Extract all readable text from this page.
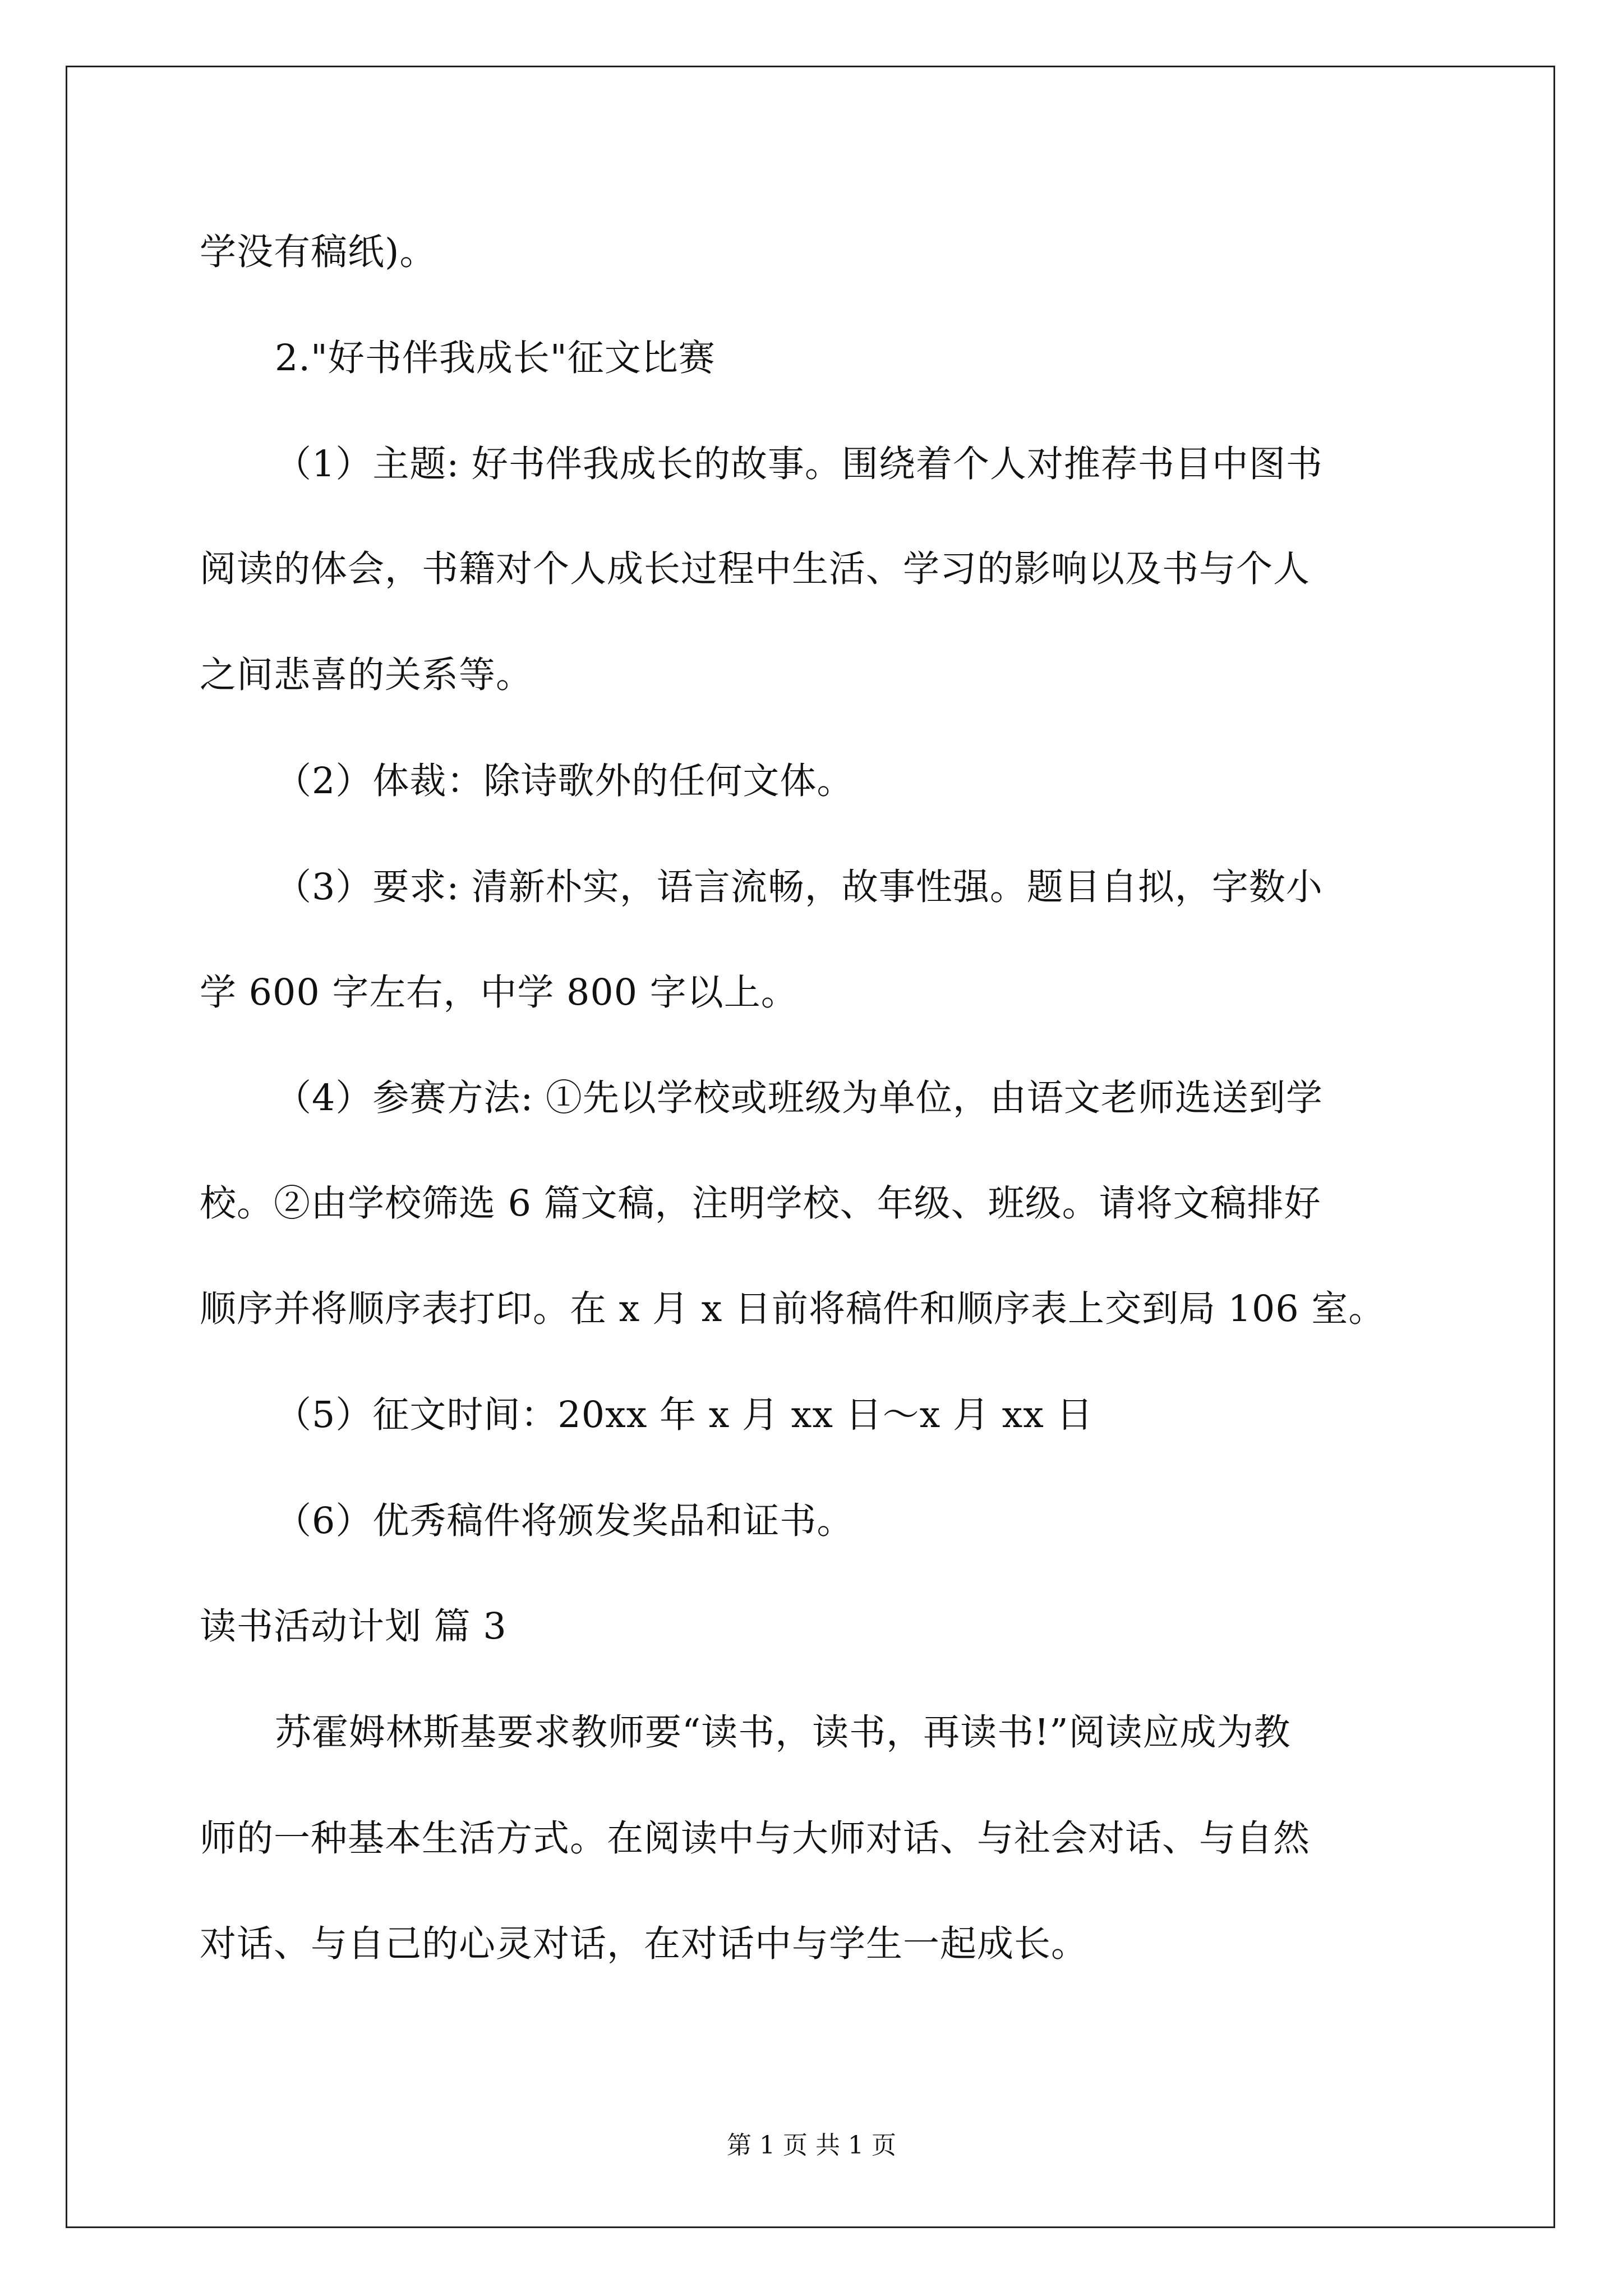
学没有稿纸)。
2."好书伴我成长"征文比赛
（1）主题: 好书伴我成长的故事。围绕着个人对推荐书目中图书
阅读的体会，书籍对个人成长过程中生活、学习的影响以及书与个人
之间悲喜的关系等。
（2）体裁：除诗歌外的任何文体。
（3）要求: 清新朴实，语言流畅，故事性强。题目自拟，字数小
学 600 字左右，中学 800 字以上。
（4）参赛方法: ①先以学校或班级为单位，由语文老师选送到学
校。②由学校筛选 6 篇文稿，注明学校、年级、班级。请将文稿排好
顺序并将顺序表打印。在 x 月 x 日前将稿件和顺序表上交到局 106 室。
（5）征文时间：20xx 年 x 月 xx 日～x 月 xx 日
（6）优秀稿件将颁发奖品和证书。
读书活动计划 篇 3
苏霍姆林斯基要求教师要“读书，读书，再读书!”阅读应成为教
师的一种基本生活方式。在阅读中与大师对话、与社会对话、与自然
对话、与自己的心灵对话，在对话中与学生一起成长。
第 1 页 共 1 页
